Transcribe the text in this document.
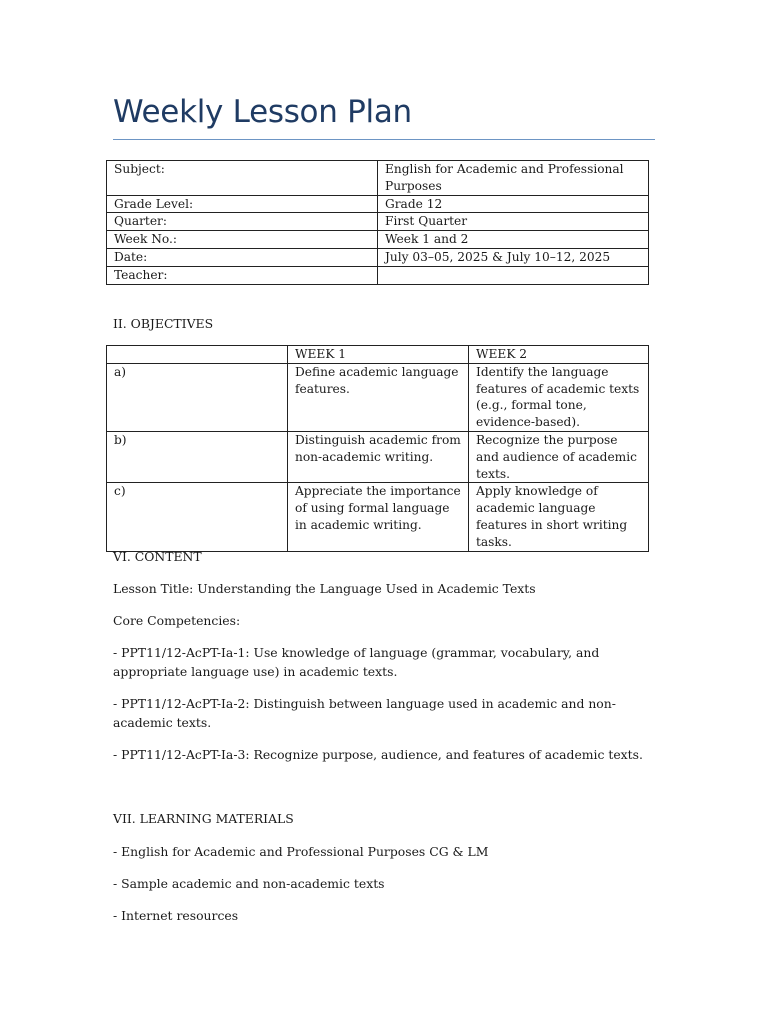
Weekly Lesson Plan
Subject:	English for Academic and Professional Purposes
Grade Level:	Grade 12
Quarter:	First Quarter
Week No.:	Week 1 and 2
Date:	July 03–05, 2025 & July 10–12, 2025
Teacher:	
II. OBJECTIVES
	WEEK 1	WEEK 2
a)	Define academic language features.	Identify the language features of academic texts (e.g., formal tone, evidence-based).
b)	Distinguish academic from non-academic writing.	Recognize the purpose and audience of academic texts.
c)	Appreciate the importance of using formal language in academic writing.	Apply knowledge of academic language features in short writing tasks.
VI. CONTENT
Lesson Title: Understanding the Language Used in Academic Texts
Core Competencies:
- PPT11/12-AcPT-Ia-1: Use knowledge of language (grammar, vocabulary, and appropriate language use) in academic texts.
- PPT11/12-AcPT-Ia-2: Distinguish between language used in academic and non-academic texts.
- PPT11/12-AcPT-Ia-3: Recognize purpose, audience, and features of academic texts.
VII. LEARNING MATERIALS
- English for Academic and Professional Purposes CG & LM
- Sample academic and non-academic texts
- Internet resources
